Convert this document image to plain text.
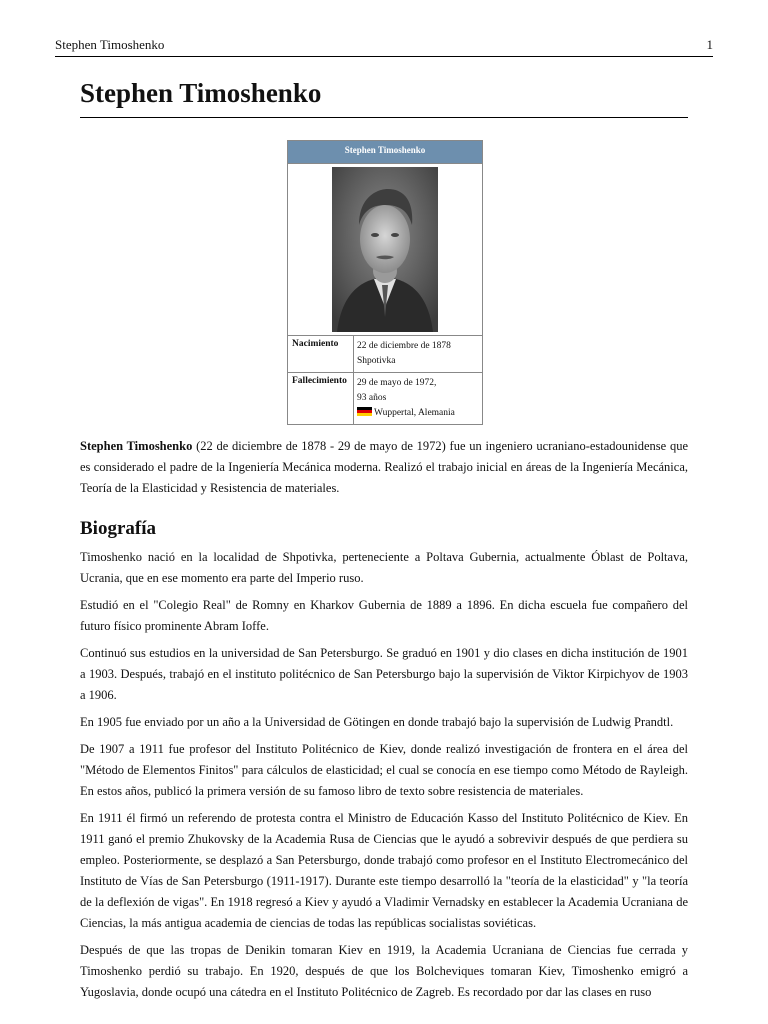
Stephen Timoshenko	1
Stephen Timoshenko
Stephen Timoshenko
Nacimiento	22 de diciembre de 1878
Shpotivka
Fallecimiento	29 de mayo de 1972,
93 años
Wuppertal, Alemania

Stephen Timoshenko (22 de diciembre de 1878 - 29 de mayo de 1972) fue un ingeniero ucraniano-estadounidense que es considerado el padre de la Ingeniería Mecánica moderna. Realizó el trabajo inicial en áreas de la Ingeniería Mecánica, Teoría de la Elasticidad y Resistencia de materiales.

Biografía

Timoshenko nació en la localidad de Shpotivka, perteneciente a Poltava Gubernia, actualmente Óblast de Poltava, Ucrania, que en ese momento era parte del Imperio ruso.

Estudió en el "Colegio Real" de Romny en Kharkov Gubernia de 1889 a 1896. En dicha escuela fue compañero del futuro físico prominente Abram Ioffe.

Continuó sus estudios en la universidad de San Petersburgo. Se graduó en 1901 y dio clases en dicha institución de 1901 a 1903. Después, trabajó en el instituto politécnico de San Petersburgo bajo la supervisión de Viktor Kirpichyov de 1903 a 1906.

En 1905 fue enviado por un año a la Universidad de Götingen en donde trabajó bajo la supervisión de Ludwig Prandtl.

De 1907 a 1911 fue profesor del Instituto Politécnico de Kiev, donde realizó investigación de frontera en el área del "Método de Elementos Finitos" para cálculos de elasticidad; el cual se conocía en ese tiempo como Método de Rayleigh. En estos años, publicó la primera versión de su famoso libro de texto sobre resistencia de materiales.

En 1911 él firmó un referendo de protesta contra el Ministro de Educación Kasso del Instituto Politécnico de Kiev. En 1911 ganó el premio Zhukovsky de la Academia Rusa de Ciencias que le ayudó a sobrevivir después de que perdiera su empleo. Posteriormente, se desplazó a San Petersburgo, donde trabajó como profesor en el Instituto Electromecánico del Instituto de Vías de San Petersburgo (1911-1917). Durante este tiempo desarrolló la "teoría de la elasticidad" y "la teoría de la deflexión de vigas". En 1918 regresó a Kiev y ayudó a Vladimir Vernadsky en establecer la Academia Ucraniana de Ciencias, la más antigua academia de ciencias de todas las repúblicas socialistas soviéticas.

Después de que las tropas de Denikin tomaran Kiev en 1919, la Academia Ucraniana de Ciencias fue cerrada y Timoshenko perdió su trabajo. En 1920, después de que los Bolcheviques tomaran Kiev, Timoshenko emigró a Yugoslavia, donde ocupó una cátedra en el Instituto Politécnico de Zagreb. Es recordado por dar las clases en ruso
